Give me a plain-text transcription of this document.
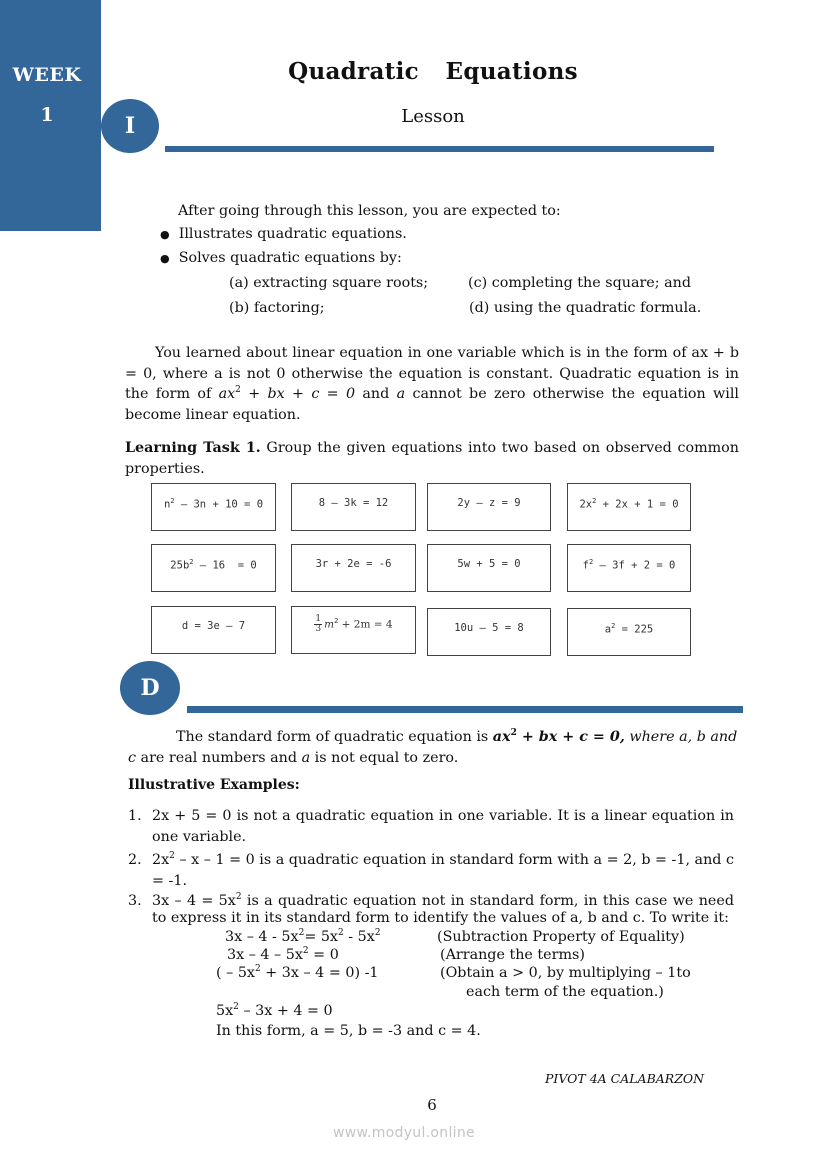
WEEK
1
Quadratic  Equations
Lesson
I
After going through this lesson, you are expected to:
● Illustrates quadratic equations.
● Solves quadratic equations by:
(a) extracting square roots;	(c) completing the square; and
(b) factoring;	(d) using the quadratic formula.
You learned about linear equation in one variable which is in the form of ax + b = 0, where a is not 0 otherwise the equation is constant. Quadratic equation is in the form of $ax^2$ + bx + c = 0 and a cannot be zero otherwise the equation will become linear equation.
Learning Task 1. Group the given equations into two based on observed common properties.
$n^2 - 3n + 10 = 0$	8 – 3k = 12	2y – z = 9	$2x^2 + 2x + 1 = 0$
$25b^2 - 16 = 0$	3r + 2e = -6	5w + 5 = 0	$f^2 - 3f + 2 = 0$
d = 3e – 7	$\frac{1}{3} m^2 + 2m = 4$	10u – 5 = 8	$a^2 = 225$
D
The standard form of quadratic equation is $ax^2$ + bx + c = 0, where a, b and c are real numbers and a is not equal to zero.
Illustrative Examples:
1. 2x + 5 = 0 is not a quadratic equation in one variable. It is a linear equation in one variable.
2. $2x^2 - x - 1 = 0$ is a quadratic equation in standard form with a = 2, b = -1, and c = -1.
3. $3x - 4 = 5x^2$ is a quadratic equation not in standard form, in this case we need to express it in its standard form to identify the values of a, b and c. To write it:
$3x - 4 - 5x^2= 5x^2 - 5x^2$	(Subtraction Property of Equality)
$3x - 4 - 5x^2 = 0$	(Arrange the terms)
( – $5x^2 + 3x - 4 = 0$) -1	(Obtain a > 0, by multiplying – 1to
each term of the equation.)
$5x^2 - 3x + 4 = 0$
In this form, a = 5, b = -3 and c = 4.
PIVOT 4A CALABARZON
6
www.modyul.online
